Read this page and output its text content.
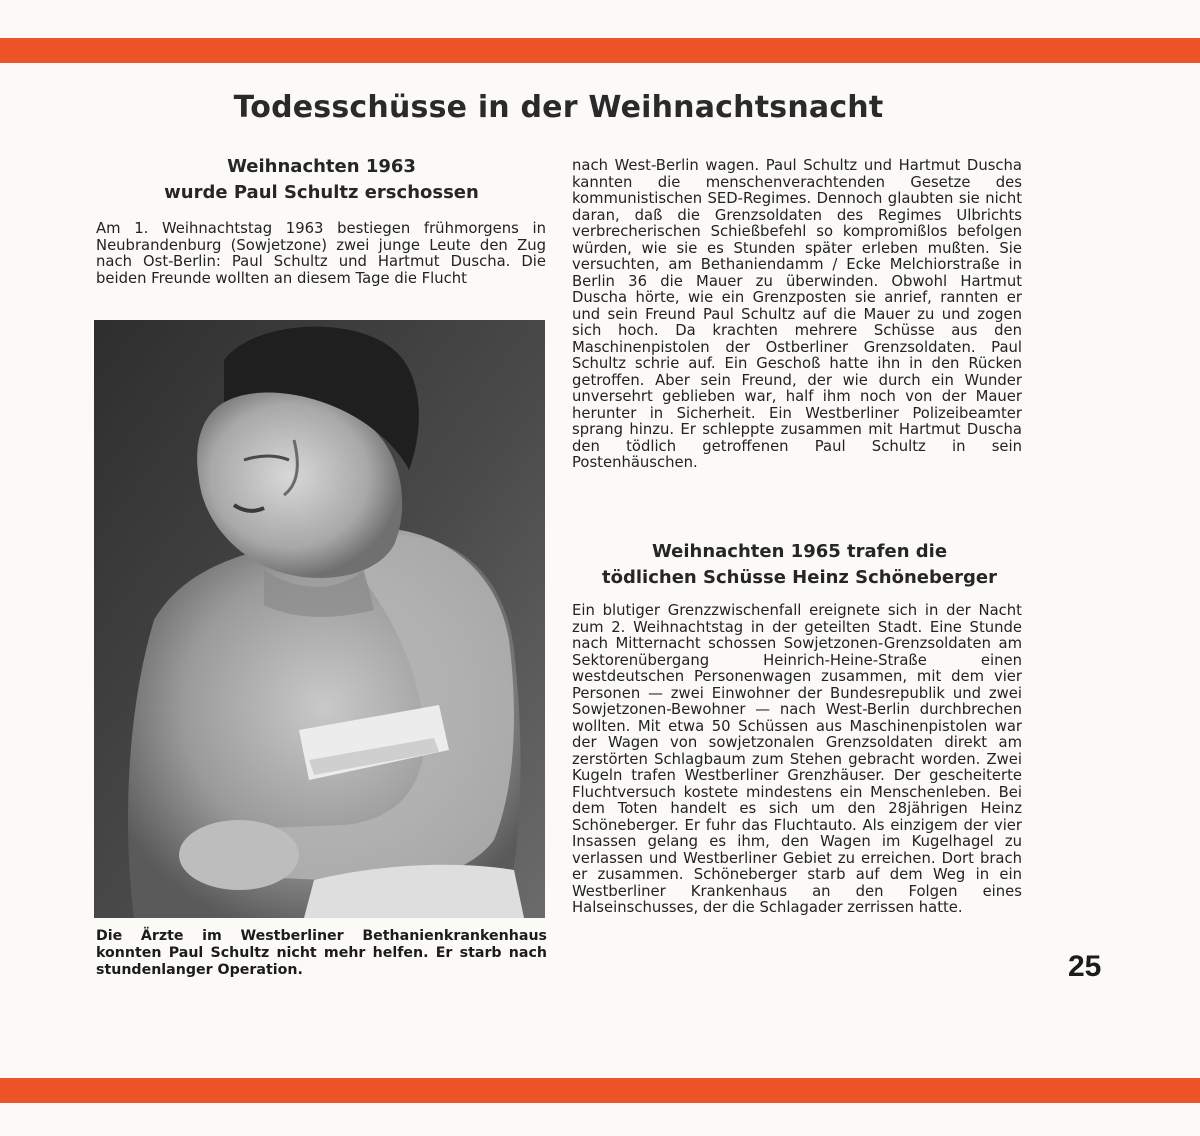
Todesschüsse in der Weihnachtsnacht
Weihnachten 1963
wurde Paul Schultz erschossen

Am 1. Weihnachtstag 1963 bestiegen frühmorgens in Neubrandenburg (Sowjetzone) zwei junge Leute den Zug nach Ost-Berlin: Paul Schultz und Hartmut Duscha. Die beiden Freunde wollten an diesem Tage die Flucht

Die Ärzte im Westberliner Bethanienkrankenhaus konnten Paul Schultz nicht mehr helfen. Er starb nach stundenlanger Operation.

nach West-Berlin wagen. Paul Schultz und Hartmut Duscha kannten die menschenverachtenden Gesetze des kommunistischen SED-Regimes. Dennoch glaubten sie nicht daran, daß die Grenzsoldaten des Regimes Ulbrichts verbrecherischen Schießbefehl so kompromißlos befolgen würden, wie sie es Stunden später erleben mußten. Sie versuchten, am Bethaniendamm / Ecke Melchiorstraße in Berlin 36 die Mauer zu überwinden. Obwohl Hartmut Duscha hörte, wie ein Grenzposten sie anrief, rannten er und sein Freund Paul Schultz auf die Mauer zu und zogen sich hoch. Da krachten mehrere Schüsse aus den Maschinenpistolen der Ostberliner Grenzsoldaten. Paul Schultz schrie auf. Ein Geschoß hatte ihn in den Rücken getroffen. Aber sein Freund, der wie durch ein Wunder unversehrt geblieben war, half ihm noch von der Mauer herunter in Sicherheit. Ein Westberliner Polizeibeamter sprang hinzu. Er schleppte zusammen mit Hartmut Duscha den tödlich getroffenen Paul Schultz in sein Postenhäuschen.

Weihnachten 1965 trafen die
tödlichen Schüsse Heinz Schöneberger

Ein blutiger Grenzzwischenfall ereignete sich in der Nacht zum 2. Weihnachtstag in der geteilten Stadt. Eine Stunde nach Mitternacht schossen Sowjetzonen-Grenzsoldaten am Sektorenübergang Heinrich-Heine-Straße einen westdeutschen Personenwagen zusammen, mit dem vier Personen — zwei Einwohner der Bundesrepublik und zwei Sowjetzonen-Bewohner — nach West-Berlin durchbrechen wollten. Mit etwa 50 Schüssen aus Maschinenpistolen war der Wagen von sowjetzonalen Grenzsoldaten direkt am zerstörten Schlagbaum zum Stehen gebracht worden. Zwei Kugeln trafen Westberliner Grenzhäuser. Der gescheiterte Fluchtversuch kostete mindestens ein Menschenleben. Bei dem Toten handelt es sich um den 28jährigen Heinz Schöneberger. Er fuhr das Fluchtauto. Als einzigem der vier Insassen gelang es ihm, den Wagen im Kugelhagel zu verlassen und Westberliner Gebiet zu erreichen. Dort brach er zusammen. Schöneberger starb auf dem Weg in ein Westberliner Krankenhaus an den Folgen eines Halseinschusses, der die Schlagader zerrissen hatte.

25
